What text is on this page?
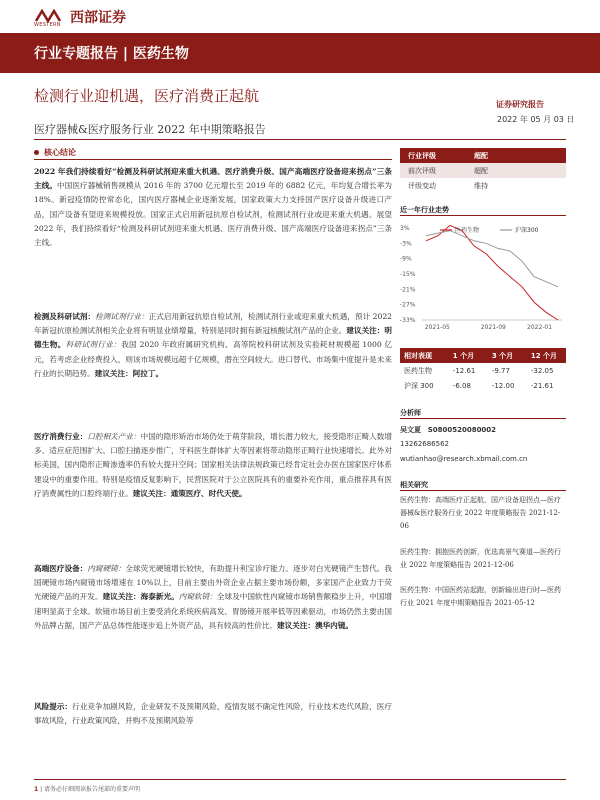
WESTERN 西部证券
行业专题报告 | 医药生物
检测行业迎机遇，医疗消费正起航
医疗器械&医疗服务行业 2022 年中期策略报告
证券研究报告
2022 年 05 月 03 日
核心结论

2022 年我们持续看好“检测及科研试剂迎来重大机遇、医疗消费升级、国产高端医疗设备迎来拐点”三条主线。中国医疗器械销售规模从 2016 年的 3700 亿元增长至 2019 年的 6882 亿元，年均复合增长率为 18%。新冠疫情防控常态化，国内医疗器械企业逐渐发展，国家政策大力支持国产医疗设备升级进口产品，国产设备有望迎来规模投放。国家正式启用新冠抗原自检试剂，检测试剂行业或迎来重大机遇。展望 2022 年，我们持续看好“检测及科研试剂迎来重大机遇、医疗消费升级、国产高端医疗设备迎来拐点”三条主线。

检测及科研试剂：检测试剂行业：正式启用新冠抗原自检试剂，检测试剂行业或迎来重大机遇，预计 2022 年新冠抗原检测试剂相关企业将有明显业绩增量，特别是同时拥有新冠核酸试剂产品的企业。建议关注：明德生物。科研试剂行业：我国 2020 年政府属研究机构、高等院校科研试剂及实验耗材规模超 1000 亿元，若考虑企业经费投入，则该市场规模远超千亿规模，潜在空间较大。进口替代、市场集中度提升是未来行业的长期趋势。建议关注：阿拉丁。

医疗消费行业：口腔相关产业：中国的隐形矫治市场仍处于萌芽阶段，增长潜力较大，接受隐形正畸人数增多、适应症范围扩大、口腔扫描逐步推广，牙科医生群体扩大等因素将带动隐形正畸行业快速增长。此外对标美国，国内隐形正畸渗透率仍有较大提升空间；国家相关法律法规政策已经肯定社会办医在国家医疗体系建设中的重要作用。特别是疫情反复影响下，民营医院对于公立医院具有的重要补充作用，重点推荐具有医疗消费属性的口腔终端行业。建议关注：通策医疗、时代天使。

高端医疗设备：内窥硬镜：全球荧光硬镜增长较快，有助提升利宝诊疗能力。逐步对白光硬镜产生替代。我国硬镜市场内窥镜市场增速在 10%以上，目前主要由外资企业占据主要市场份额，多家国产企业致力于荧光硬镜产品的开发。建议关注：海泰新光。内窥软镜：全球及中国软性内窥镜市场销售额稳步上升，中国增速明显高于全球。软镜市场目前主要受消化系统疾病高发、胃肠镜开展率低等因素驱动，市场仍然主要由国外品牌占据，国产产品总体性能逐步追上外资产品，具有较高的性价比。建议关注：澳华内镜。

风险提示：行业竞争加剧风险，企业研发不及预期风险，疫情发展不确定性风险，行业技术迭代风险，医疗事故风险，行业政策风险，并购不及预期风险等

行业评级	超配
前次评级	超配
评级变动	维持
近一年行业走势
3%
-3%
-9%
-15%
-21%
-27%
-33%
2021-05	2021-09	2022-01
医药生物	沪深300
相对表现	1 个月	3 个月	12 个月
医药生物	-12.61	-9.77	-32.05
沪深 300	-6.08	-12.00	-21.61
分析师
吴文夏 S0800520080002
13262686562
wutianhao@research.xbmail.com.cn
相关研究

医药生物：高端医疗正起航，国产设备迎拐点—医疗器械&医疗服务行业 2022 年度策略报告 2021-12-06

医药生物：拥抱医药创新，优选高景气赛道—医药行业 2022 年度策略报告 2021-12-06

医药生物：中国医药站起跑，创新输出进行时—医药行业 2021 年度中期策略报告 2021-05-12

1 | 请务必仔细阅读报告尾部的重要声明
